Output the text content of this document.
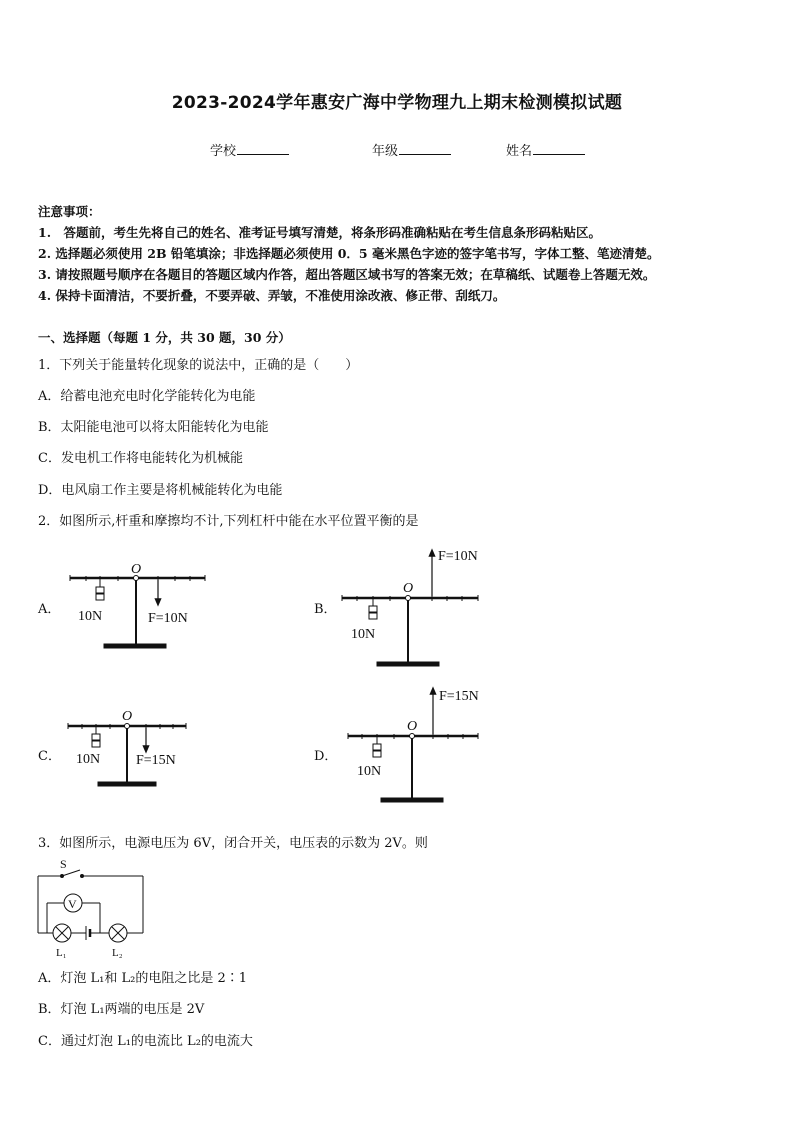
2023-2024学年惠安广海中学物理九上期末检测模拟试题
学校	年级	姓名
注意事项：
1.　答题前，考生先将自己的姓名、准考证号填写清楚，将条形码准确粘贴在考生信息条形码粘贴区。
2. 选择题必须使用 2B 铅笔填涂；非选择题必须使用 0．5 毫米黑色字迹的签字笔书写，字体工整、笔迹清楚。
3. 请按照题号顺序在各题目的答题区域内作答，超出答题区域书写的答案无效；在草稿纸、试题卷上答题无效。
4. 保持卡面清洁，不要折叠，不要弄破、弄皱，不准使用涂改液、修正带、刮纸刀。
一、选择题（每题 1 分，共 30 题，30 分）
1．下列关于能量转化现象的说法中，正确的是（　　）
A．给蓄电池充电时化学能转化为电能
B．太阳能电池可以将太阳能转化为电能
C．发电机工作将电能转化为机械能
D．电风扇工作主要是将机械能转化为电能
2．如图所示,杆重和摩擦均不计,下列杠杆中能在水平位置平衡的是
A．	B．
C．	D．
O
10N	F=10N
O
10N
F=10N
O
10N	F=15N
O
10N
F=15N
S
V
L₁	L₂
3．如图所示，电源电压为 6V，闭合开关，电压表的示数为 2V。则
A．灯泡 L₁和 L₂的电阻之比是 2∶1
B．灯泡 L₁两端的电压是 2V
C．通过灯泡 L₁的电流比 L₂的电流大
